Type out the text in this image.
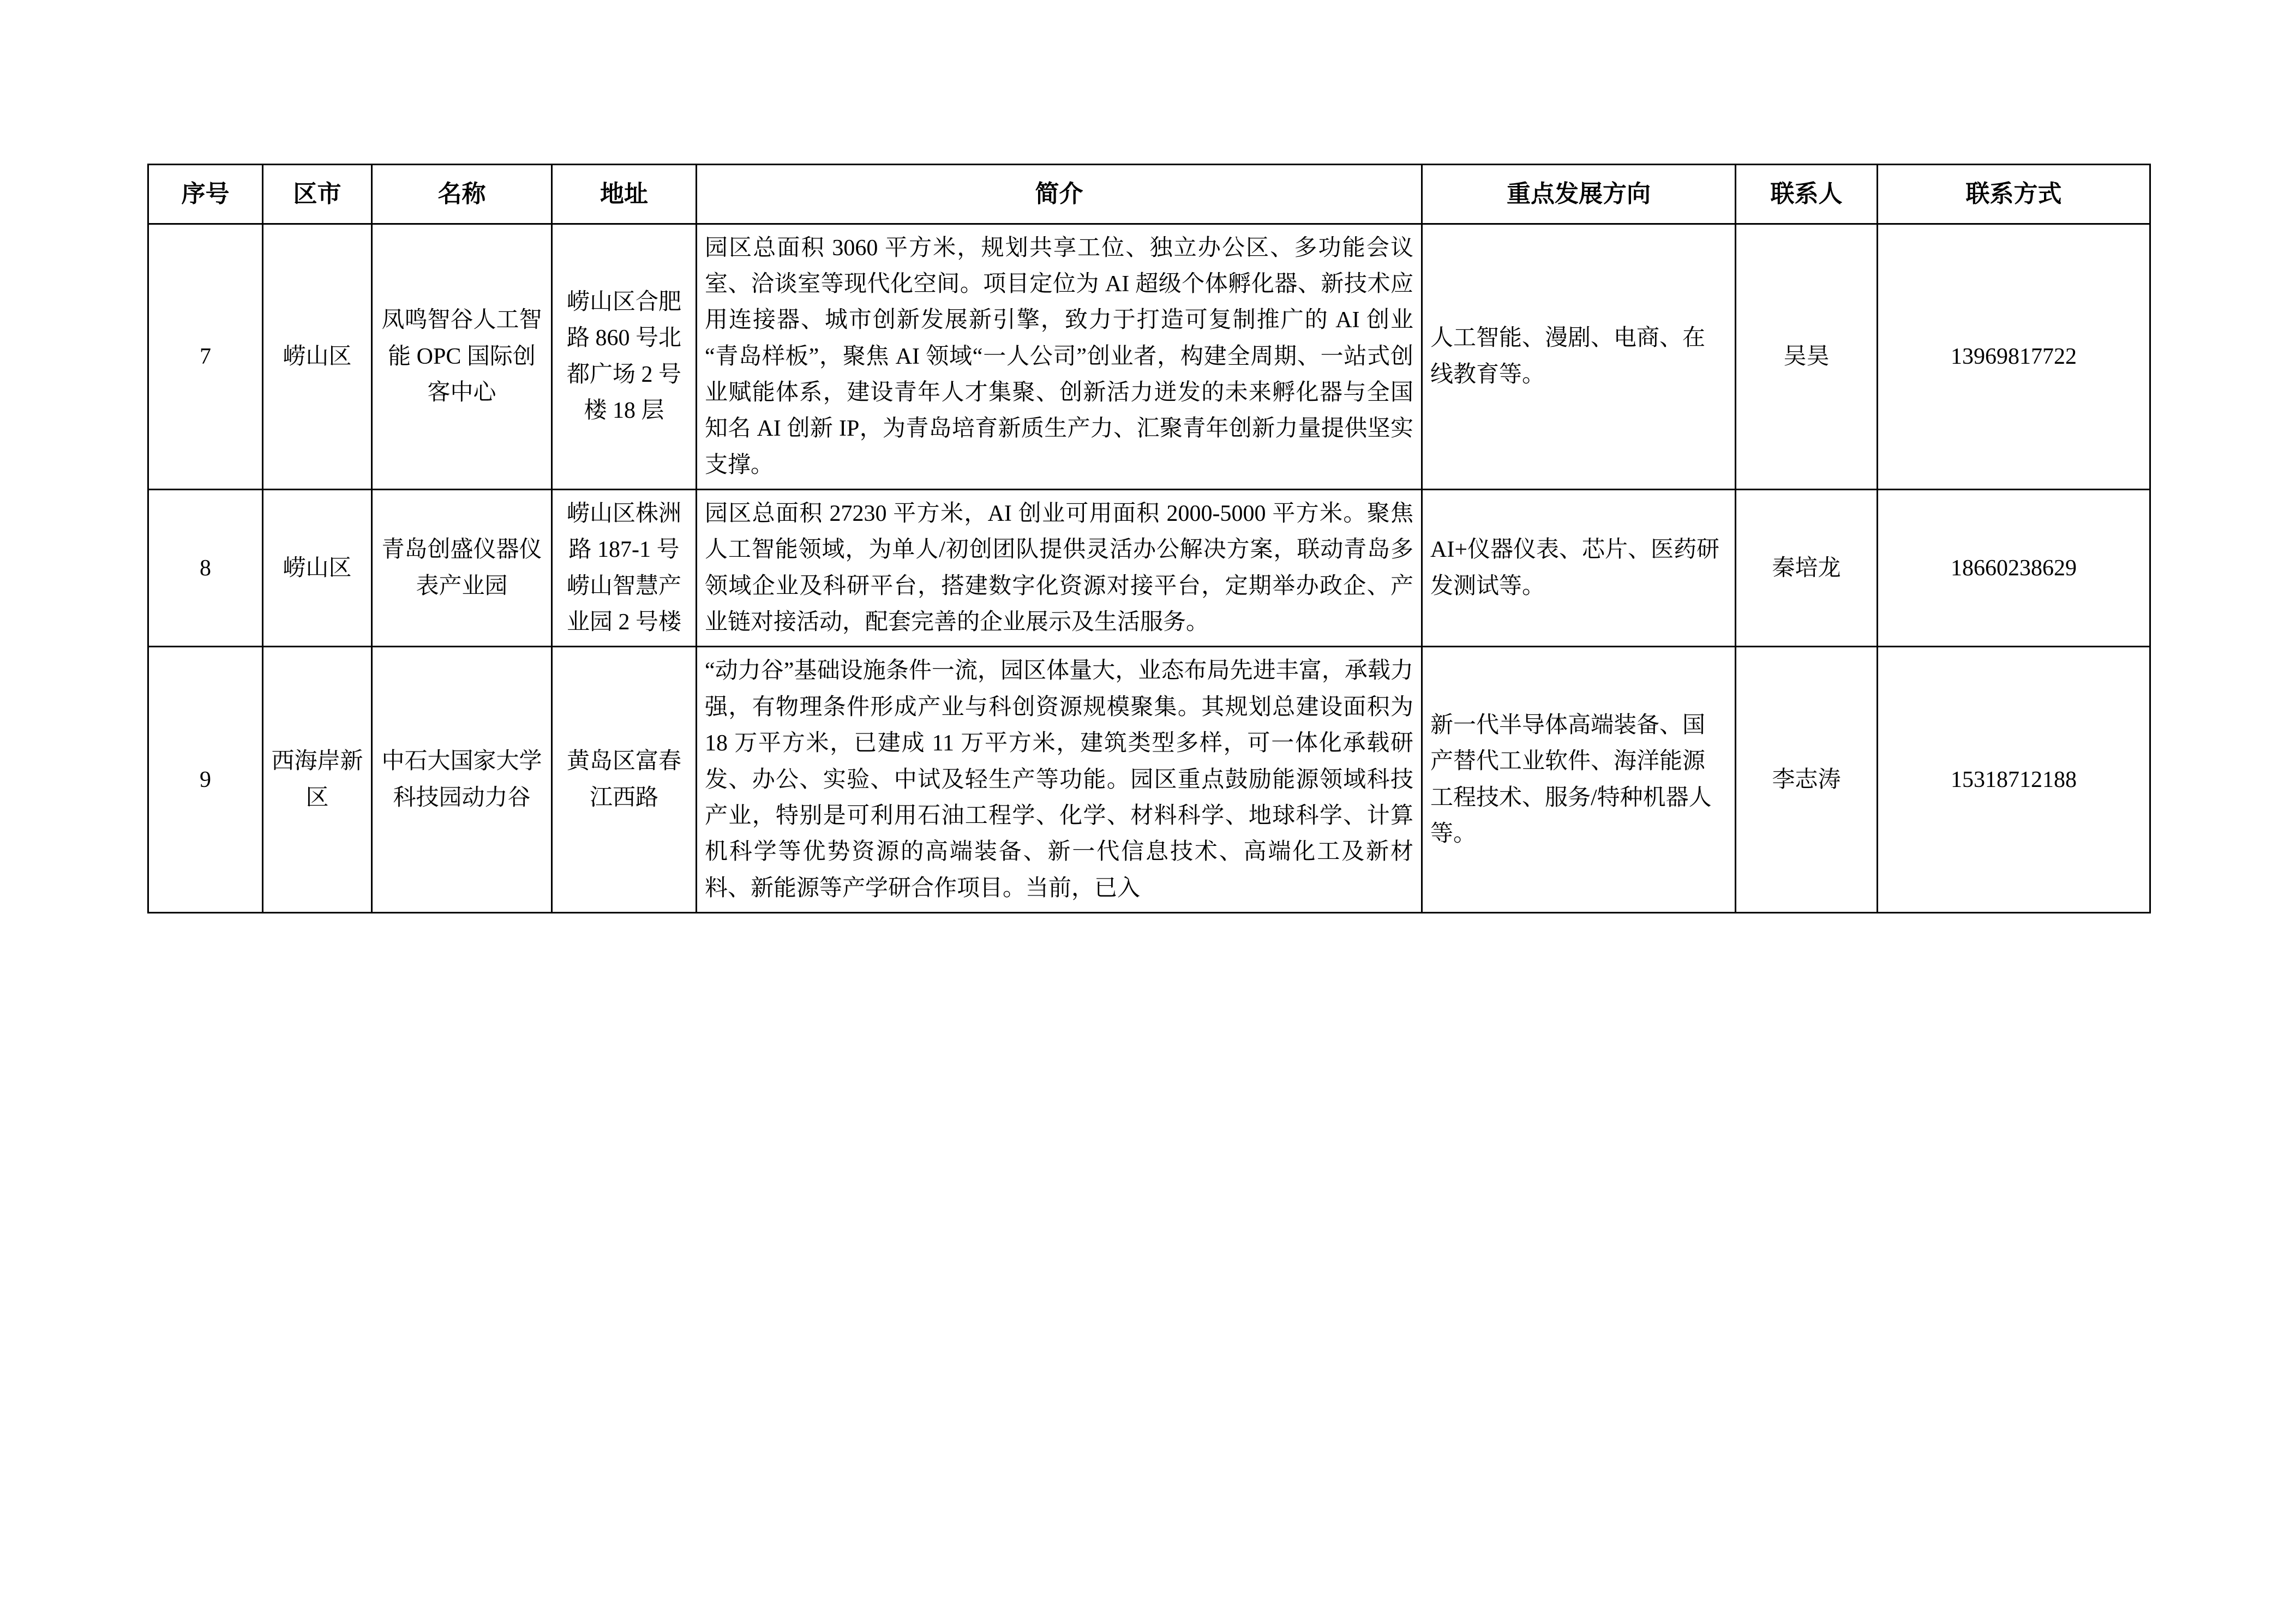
序号	区市	名称	地址	简介	重点发展方向	联系人	联系方式
7	崂山区	凤鸣智谷人工智能 OPC 国际创客中心	崂山区合肥路 860 号北都广场 2 号楼 18 层	园区总面积 3060 平方米，规划共享工位、独立办公区、多功能会议室、洽谈室等现代化空间。项目定位为 AI 超级个体孵化器、新技术应用连接器、城市创新发展新引擎，致力于打造可复制推广的 AI 创业“青岛样板”，聚焦 AI 领域“一人公司”创业者，构建全周期、一站式创业赋能体系，建设青年人才集聚、创新活力迸发的未来孵化器与全国知名 AI 创新 IP，为青岛培育新质生产力、汇聚青年创新力量提供坚实支撑。	人工智能、漫剧、电商、在线教育等。	吴昊	13969817722
8	崂山区	青岛创盛仪器仪表产业园	崂山区株洲路 187-1 号崂山智慧产业园 2 号楼	园区总面积 27230 平方米，AI 创业可用面积 2000-5000 平方米。聚焦人工智能领域，为单人/初创团队提供灵活办公解决方案，联动青岛多领域企业及科研平台，搭建数字化资源对接平台，定期举办政企、产业链对接活动，配套完善的企业展示及生活服务。	AI+仪器仪表、芯片、医药研发测试等。	秦培龙	18660238629
9	西海岸新区	中石大国家大学科技园动力谷	黄岛区富春江西路	“动力谷”基础设施条件一流，园区体量大，业态布局先进丰富，承载力强，有物理条件形成产业与科创资源规模聚集。其规划总建设面积为 18 万平方米，已建成 11 万平方米，建筑类型多样，可一体化承载研发、办公、实验、中试及轻生产等功能。园区重点鼓励能源领域科技产业，特别是可利用石油工程学、化学、材料科学、地球科学、计算机科学等优势资源的高端装备、新一代信息技术、高端化工及新材料、新能源等产学研合作项目。当前，已入	新一代半导体高端装备、国产替代工业软件、海洋能源工程技术、服务/特种机器人等。	李志涛	15318712188
